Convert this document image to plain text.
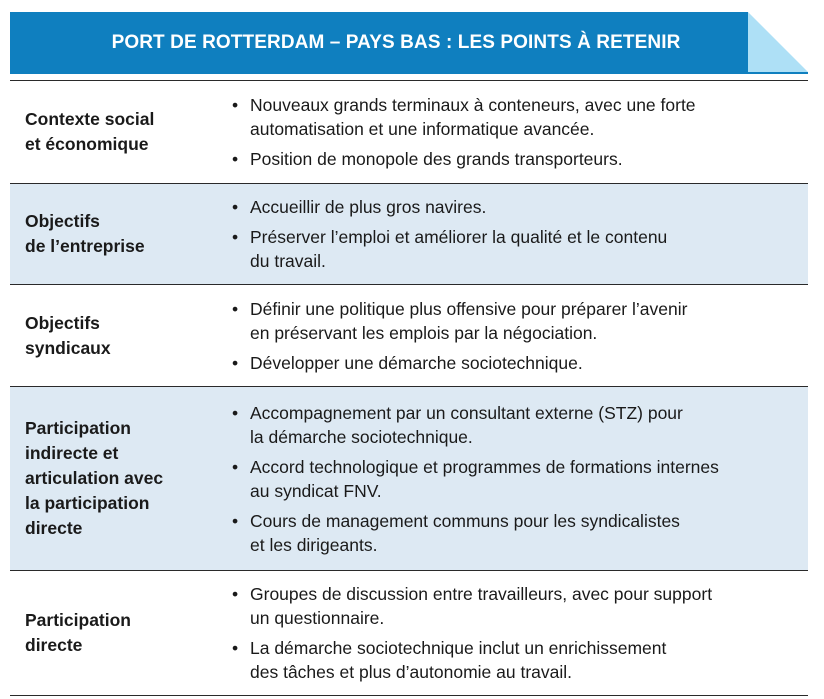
PORT DE ROTTERDAM – PAYS BAS : LES POINTS À RETENIR
Contexte social
et économique
• Nouveaux grands terminaux à conteneurs, avec une forte
automatisation et une informatique avancée.
• Position de monopole des grands transporteurs.
Objectifs
de l’entreprise
• Accueillir de plus gros navires.
• Préserver l’emploi et améliorer la qualité et le contenu
du travail.
Objectifs
syndicaux
• Définir une politique plus offensive pour préparer l’avenir
en préservant les emplois par la négociation.
• Développer une démarche sociotechnique.
Participation
indirecte et
articulation avec
la participation
directe
• Accompagnement par un consultant externe (STZ) pour
la démarche sociotechnique.
• Accord technologique et programmes de formations internes
au syndicat FNV.
• Cours de management communs pour les syndicalistes
et les dirigeants.
Participation
directe
• Groupes de discussion entre travailleurs, avec pour support
un questionnaire.
• La démarche sociotechnique inclut un enrichissement
des tâches et plus d’autonomie au travail.
